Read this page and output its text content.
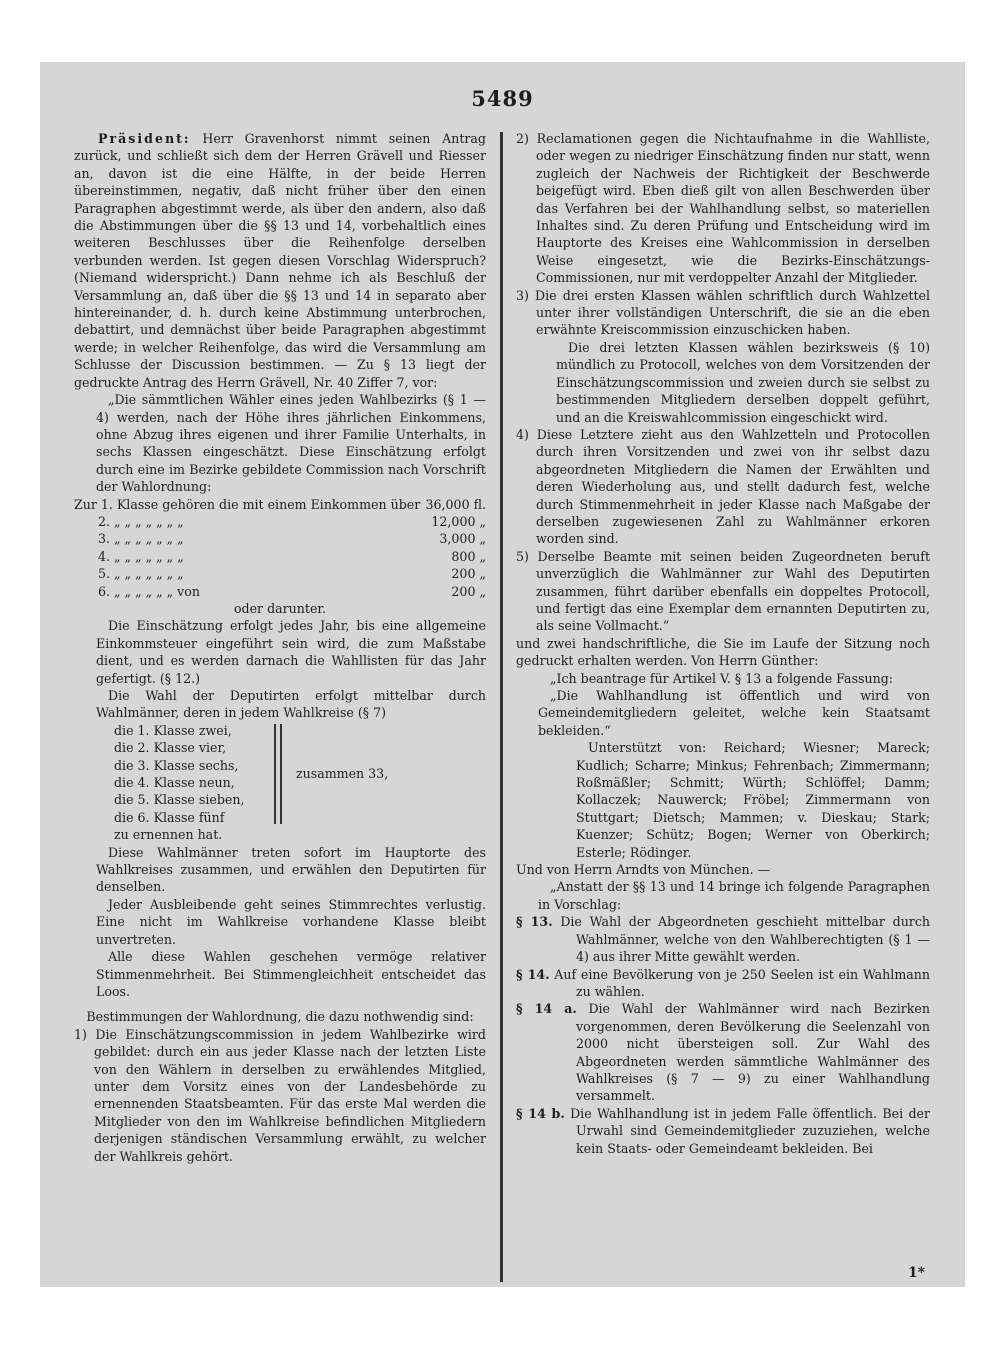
5489

Präsident: Herr Gravenhorst nimmt seinen Antrag zurück, und schließt sich dem der Herren Grävell und Riesser an, davon ist die eine Hälfte, in der beide Herren übereinstimmen, negativ, daß nicht früher über den einen Paragraphen abgestimmt werde, als über den andern, also daß die Abstimmungen über die §§ 13 und 14, vorbehaltlich eines weiteren Beschlusses über die Reihenfolge derselben verbunden werden. Ist gegen diesen Vorschlag Widerspruch? (Niemand widerspricht.) Dann nehme ich als Beschluß der Versammlung an, daß über die §§ 13 und 14 in separato aber hintereinander, d. h. durch keine Abstimmung unterbrochen, debattirt, und demnächst über beide Paragraphen abgestimmt werde; in welcher Reihenfolge, das wird die Versammlung am Schlusse der Discussion bestimmen. — Zu § 13 liegt der gedruckte Antrag des Herrn Grävell, Nr. 40 Ziffer 7, vor:

„Die sämmtlichen Wähler eines jeden Wahlbezirks (§ 1 — 4) werden, nach der Höhe ihres jährlichen Einkommens, ohne Abzug ihres eigenen und ihrer Familie Unterhalts, in sechs Klassen eingeschätzt. Diese Einschätzung erfolgt durch eine im Bezirke gebildete Commission nach Vorschrift der Wahlordnung:

Zur 1. Klasse gehören die mit einem Einkommen über	36,000 fl.
2. „ „ „ „ „ „ „	12,000 „
3. „ „ „ „ „ „ „	3,000 „
4. „ „ „ „ „ „ „	800 „
5. „ „ „ „ „ „ „	200 „
6. „ „ „ „ „ „ von	200 „

oder darunter.

Die Einschätzung erfolgt jedes Jahr, bis eine allgemeine Einkommsteuer eingeführt sein wird, die zum Maßstabe dient, und es werden darnach die Wahllisten für das Jahr gefertigt. (§ 12.)

Die Wahl der Deputirten erfolgt mittelbar durch Wahlmänner, deren in jedem Wahlkreise (§ 7)

die 1. Klasse zwei,
die 2. Klasse vier,
die 3. Klasse sechs,
die 4. Klasse neun,
die 5. Klasse sieben,
die 6. Klasse fünf
zusammen 33,

zu ernennen hat.

Diese Wahlmänner treten sofort im Hauptorte des Wahlkreises zusammen, und erwählen den Deputirten für denselben.

Jeder Ausbleibende geht seines Stimmrechtes verlustig. Eine nicht im Wahlkreise vorhandene Klasse bleibt unvertreten.

Alle diese Wahlen geschehen vermöge relativer Stimmenmehrheit. Bei Stimmengleichheit entscheidet das Loos.

Bestimmungen der Wahlordnung, die dazu nothwendig sind:

1) Die Einschätzungscommission in jedem Wahlbezirke wird gebildet: durch ein aus jeder Klasse nach der letzten Liste von den Wählern in derselben zu erwählendes Mitglied, unter dem Vorsitz eines von der Landesbehörde zu ernennenden Staatsbeamten. Für das erste Mal werden die Mitglieder von den im Wahlkreise befindlichen Mitgliedern derjenigen ständischen Versammlung erwählt, zu welcher der Wahlkreis gehört.

2) Reclamationen gegen die Nichtaufnahme in die Wahlliste, oder wegen zu niedriger Einschätzung finden nur statt, wenn zugleich der Nachweis der Richtigkeit der Beschwerde beigefügt wird. Eben dieß gilt von allen Beschwerden über das Verfahren bei der Wahlhandlung selbst, so materiellen Inhaltes sind. Zu deren Prüfung und Entscheidung wird im Hauptorte des Kreises eine Wahlcommission in derselben Weise eingesetzt, wie die Bezirks-Einschätzungs-Commissionen, nur mit verdoppelter Anzahl der Mitglieder.

3) Die drei ersten Klassen wählen schriftlich durch Wahlzettel unter ihrer vollständigen Unterschrift, die sie an die eben erwähnte Kreiscommission einzuschicken haben.

Die drei letzten Klassen wählen bezirksweis (§ 10) mündlich zu Protocoll, welches von dem Vorsitzenden der Einschätzungscommission und zweien durch sie selbst zu bestimmenden Mitgliedern derselben doppelt geführt, und an die Kreiswahlcommission eingeschickt wird.

4) Diese Letztere zieht aus den Wahlzetteln und Protocollen durch ihren Vorsitzenden und zwei von ihr selbst dazu abgeordneten Mitgliedern die Namen der Erwählten und deren Wiederholung aus, und stellt dadurch fest, welche durch Stimmenmehrheit in jeder Klasse nach Maßgabe der derselben zugewiesenen Zahl zu Wahlmänner erkoren worden sind.

5) Derselbe Beamte mit seinen beiden Zugeordneten beruft unverzüglich die Wahlmänner zur Wahl des Deputirten zusammen, führt darüber ebenfalls ein doppeltes Protocoll, und fertigt das eine Exemplar dem ernannten Deputirten zu, als seine Vollmacht.“

und zwei handschriftliche, die Sie im Laufe der Sitzung noch gedruckt erhalten werden. Von Herrn Günther:

„Ich beantrage für Artikel V. § 13 a folgende Fassung:

„Die Wahlhandlung ist öffentlich und wird von Gemeindemitgliedern geleitet, welche kein Staatsamt bekleiden.“

Unterstützt von: Reichard; Wiesner; Mareck; Kudlich; Scharre; Minkus; Fehrenbach; Zimmermann; Roßmäßler; Schmitt; Würth; Schlöffel; Damm; Kollaczek; Nauwerck; Fröbel; Zimmermann von Stuttgart; Dietsch; Mammen; v. Dieskau; Stark; Kuenzer; Schütz; Bogen; Werner von Oberkirch; Esterle; Rödinger.

Und von Herrn Arndts von München. —

„Anstatt der §§ 13 und 14 bringe ich folgende Paragraphen in Vorschlag:

§ 13. Die Wahl der Abgeordneten geschieht mittelbar durch Wahlmänner, welche von den Wahlberechtigten (§ 1 — 4) aus ihrer Mitte gewählt werden.

§ 14. Auf eine Bevölkerung von je 250 Seelen ist ein Wahlmann zu wählen.

§ 14 a. Die Wahl der Wahlmänner wird nach Bezirken vorgenommen, deren Bevölkerung die Seelenzahl von 2000 nicht übersteigen soll. Zur Wahl des Abgeordneten werden sämmtliche Wahlmänner des Wahlkreises (§ 7 — 9) zu einer Wahlhandlung versammelt.

§ 14 b. Die Wahlhandlung ist in jedem Falle öffentlich. Bei der Urwahl sind Gemeindemitglieder zuzuziehen, welche kein Staats- oder Gemeindeamt bekleiden. Bei

1*
